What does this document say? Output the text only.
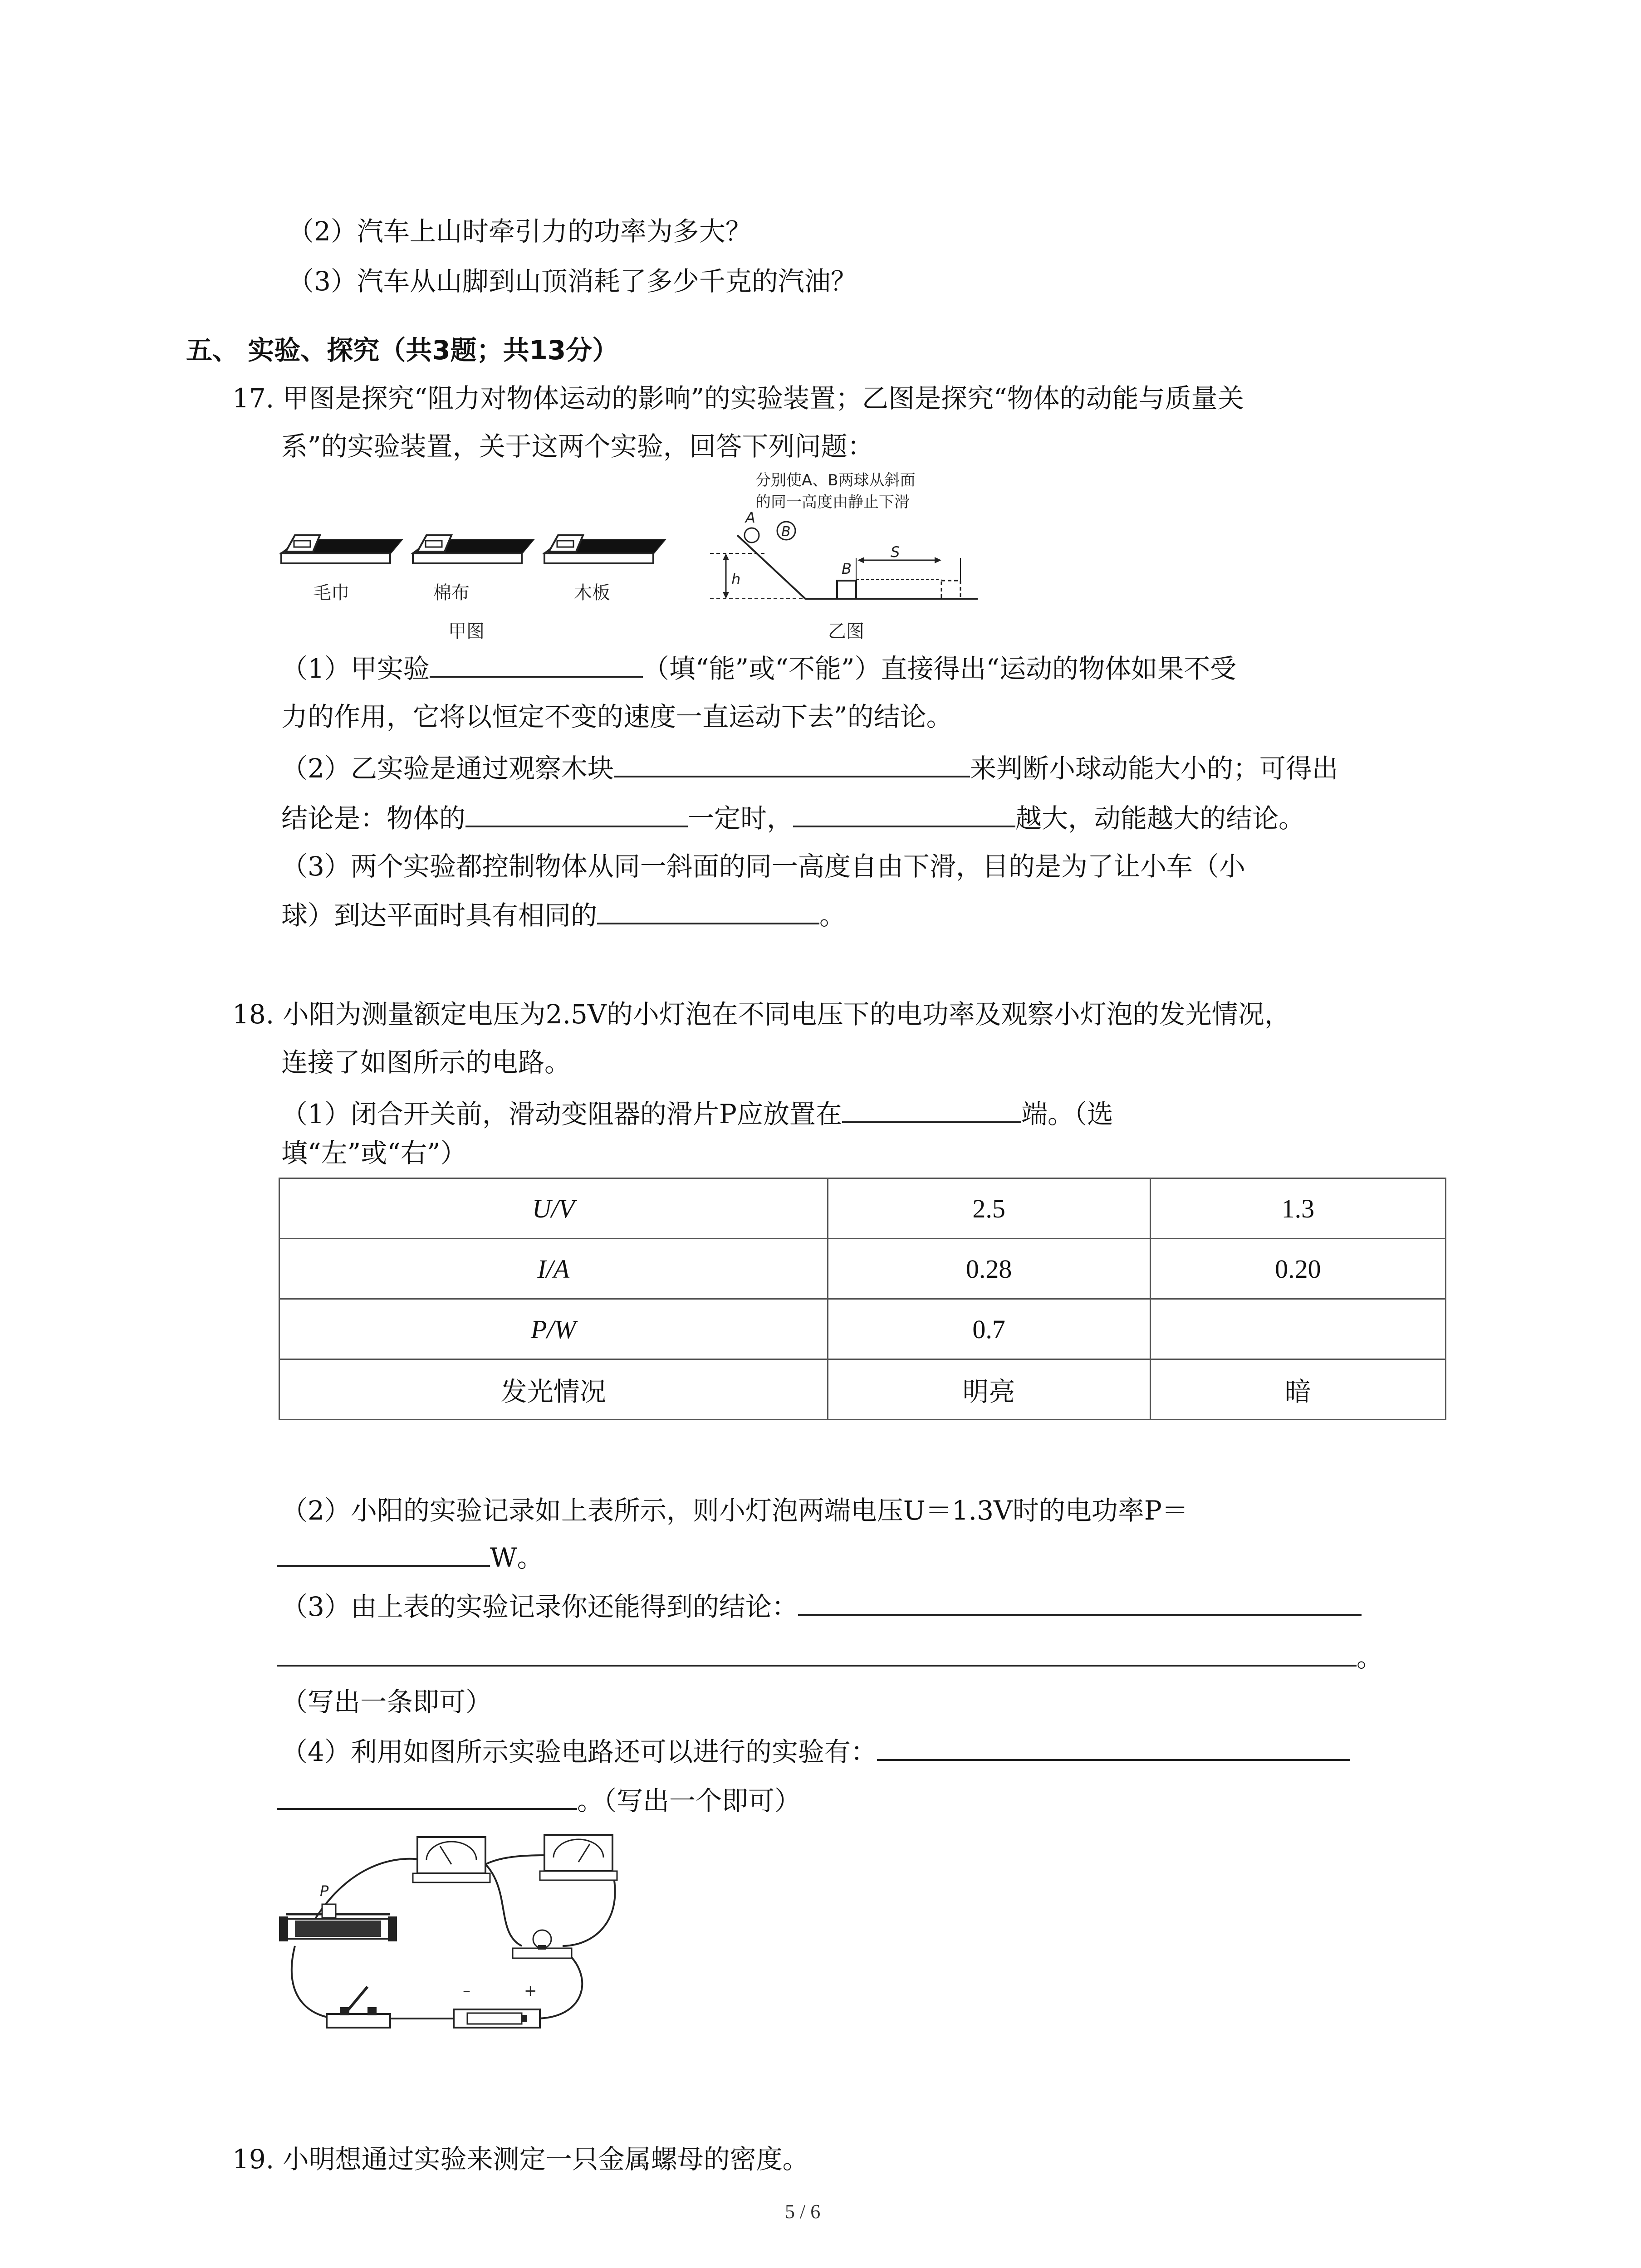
（2）汽车上山时牵引力的功率为多大？
（3）汽车从山脚到山顶消耗了多少千克的汽油？
五、 实验、探究（共3题；共13分）
17. 甲图是探究“阻力对物体运动的影响”的实验装置；乙图是探究“物体的动能与质量关
系”的实验装置，关于这两个实验，回答下列问题：
毛巾	棉布	木板
甲图
分别使A、B两球从斜面
的同一高度由静止下滑
A
B
h
B
S
乙图
（1）甲实验	（填“能”或“不能”）直接得出“运动的物体如果不受
力的作用，它将以恒定不变的速度一直运动下去”的结论。
（2）乙实验是通过观察木块	来判断小球动能大小的；可得出
结论是：物体的	一定时，	越大，动能越大的结论。
（3）两个实验都控制物体从同一斜面的同一高度自由下滑，目的是为了让小车（小
球）到达平面时具有相同的	。
18. 小阳为测量额定电压为2.5V的小灯泡在不同电压下的电功率及观察小灯泡的发光情况，
连接了如图所示的电路。
（1）闭合开关前，滑动变阻器的滑片P应放置在	端。（选
填“左”或“右”）
U/V	2.5	1.3
I/A	0.28	0.20
P/W	0.7	
发光情况	明亮	暗
（2）小阳的实验记录如上表所示，则小灯泡两端电压U＝1.3V时的电功率P＝
W。
（3）由上表的实验记录你还能得到的结论：
。
（写出一条即可）
（4）利用如图所示实验电路还可以进行的实验有：
。（写出一个即可）
P
–	+
19. 小明想通过实验来测定一只金属螺母的密度。
5 / 6
